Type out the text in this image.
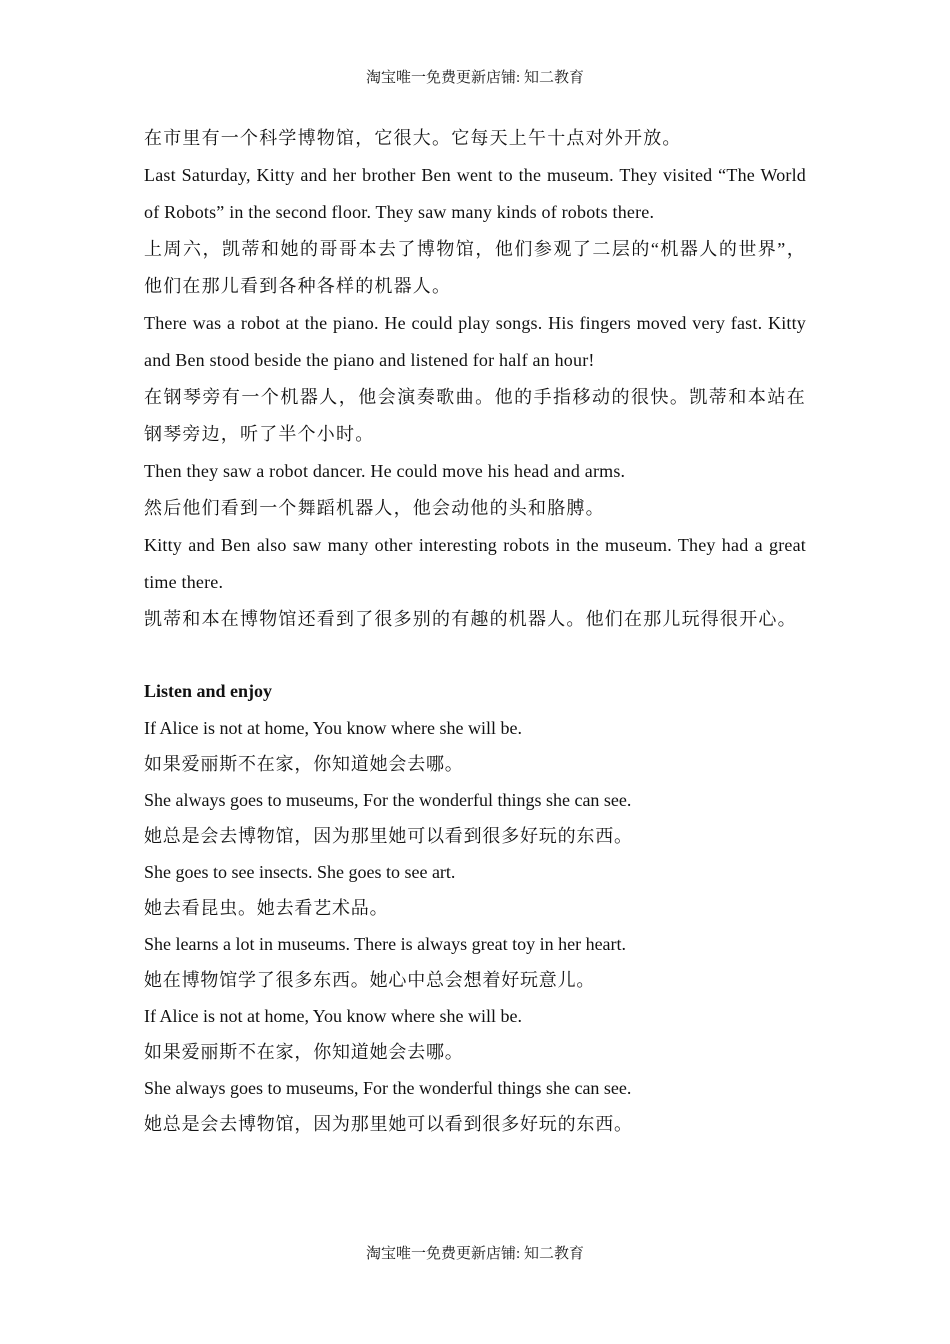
淘宝唯一免费更新店铺: 知二教育

在市里有一个科学博物馆，它很大。它每天上午十点对外开放。

Last Saturday, Kitty and her brother Ben went to the museum. They visited “The World of Robots” in the second floor. They saw many kinds of robots there.

上周六，凯蒂和她的哥哥本去了博物馆，他们参观了二层的“机器人的世界”，他们在那儿看到各种各样的机器人。

There was a robot at the piano. He could play songs. His fingers moved very fast. Kitty and Ben stood beside the piano and listened for half an hour!

在钢琴旁有一个机器人，他会演奏歌曲。他的手指移动的很快。凯蒂和本站在钢琴旁边，听了半个小时。

Then they saw a robot dancer. He could move his head and arms.

然后他们看到一个舞蹈机器人，他会动他的头和胳膊。

Kitty and Ben also saw many other interesting robots in the museum. They had a great time there.

凯蒂和本在博物馆还看到了很多别的有趣的机器人。他们在那儿玩得很开心。

Listen and enjoy

If Alice is not at home, You know where she will be.

如果爱丽斯不在家，你知道她会去哪。

She always goes to museums, For the wonderful things she can see.

她总是会去博物馆，因为那里她可以看到很多好玩的东西。

She goes to see insects. She goes to see art.

她去看昆虫。她去看艺术品。

She learns a lot in museums. There is always great toy in her heart.

她在博物馆学了很多东西。她心中总会想着好玩意儿。

If Alice is not at home, You know where she will be.

如果爱丽斯不在家，你知道她会去哪。

She always goes to museums, For the wonderful things she can see.

她总是会去博物馆，因为那里她可以看到很多好玩的东西。

淘宝唯一免费更新店铺: 知二教育
